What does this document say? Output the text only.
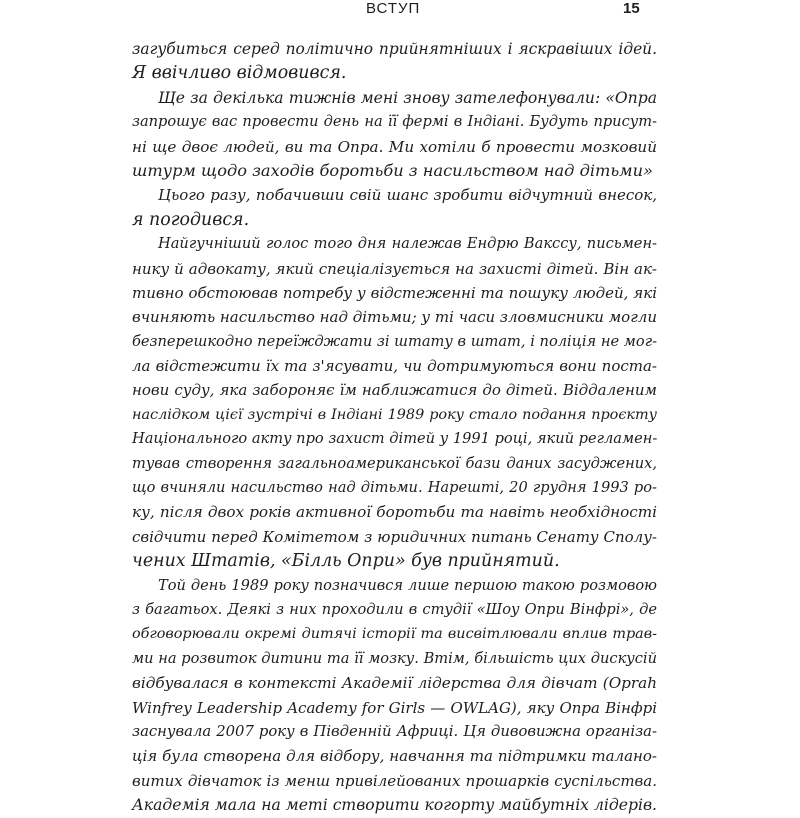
ВСТУП	15
загубиться серед політично прийнятніших і яскравіших ідей.
Я ввічливо відмовився.
Ще за декілька тижнів мені знову зателефонували: «Опра
запрошує вас провести день на її фермі в Індіані. Будуть присут-
ні ще двоє людей, ви та Опра. Ми хотіли б провести мозковий
штурм щодо заходів боротьби з насильством над дітьми»
Цього разу, побачивши свій шанс зробити відчутний внесок,
я погодився.
Найгучніший голос того дня належав Ендрю Ваксcу, письмен-
нику й адвокату, який спеціалізується на захисті дітей. Він ак-
тивно обстоював потребу у відстеженні та пошуку людей, які
вчиняють насильство над дітьми; у ті часи зловмисники могли
безперешкодно переїжджати зі штату в штат, і поліція не мог-
ла відстежити їх та з'ясувати, чи дотримуються вони поста-
нови суду, яка забороняє їм наближатися до дітей. Віддаленим
наслідком цієї зустрічі в Індіані 1989 року стало подання проєкту
Національного акту про захист дітей у 1991 році, який регламен-
тував створення загальноамериканської бази даних засуджених,
що вчиняли насильство над дітьми. Нарешті, 20 грудня 1993 ро-
ку, після двох років активної боротьби та навіть необхідності
свідчити перед Комітетом з юридичних питань Сенату Сполу-
чених Штатів, «Білль Опри» був прийнятий.
Той день 1989 року позначився лише першою такою розмовою
з багатьох. Деякі з них проходили в студії «Шоу Опри Вінфрі», де
обговорювали окремі дитячі історії та висвітлювали вплив трав-
ми на розвиток дитини та її мозку. Втім, більшість цих дискусій
відбувалася в контексті Академії лідерства для дівчат (Oprah
Winfrey Leadership Academy for Girls — OWLAG), яку Опра Вінфрі
заснувала 2007 року в Південній Африці. Ця дивовижна організа-
ція була створена для відбору, навчання та підтримки талано-
витих дівчаток із менш привілейованих прошарків суспільства.
Академія мала на меті створити когорту майбутніх лідерів.
